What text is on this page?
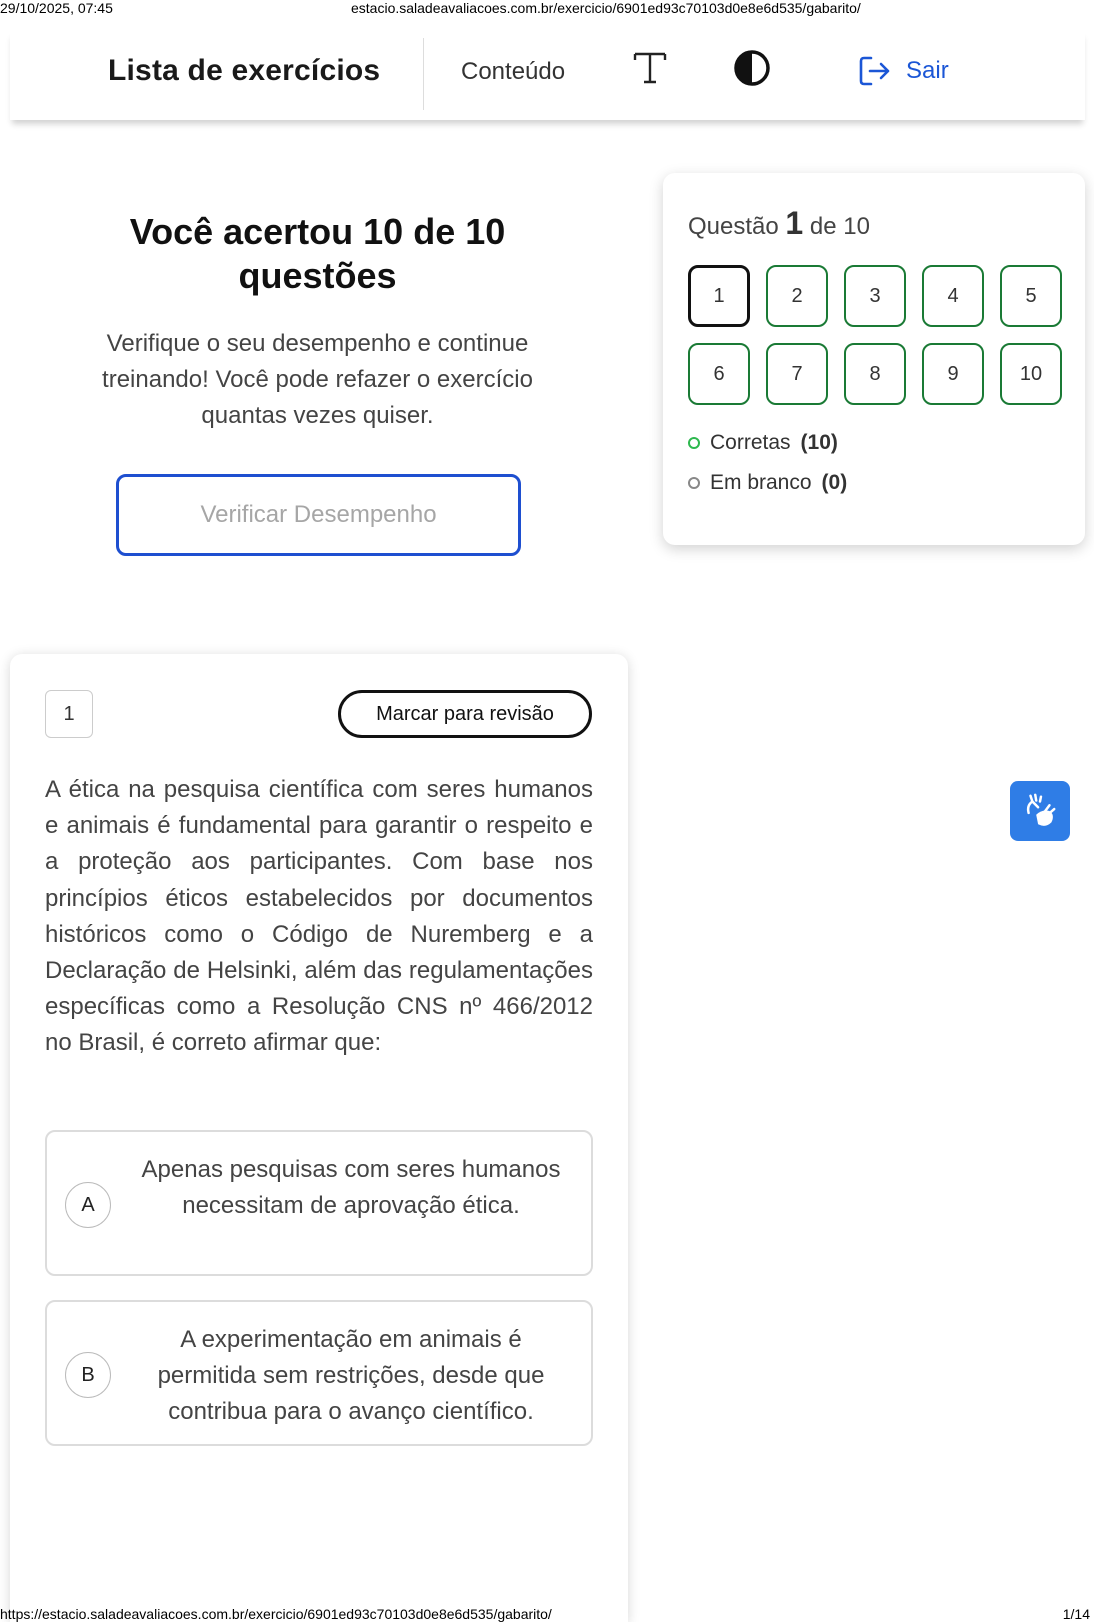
29/10/2025, 07:45	estacio.saladeavaliacoes.com.br/exercicio/6901ed93c70103d0e8e6d535/gabarito/
Lista de exercícios	Conteúdo	Sair
Você acertou 10 de 10 questões
Verifique o seu desempenho e continue treinando! Você pode refazer o exercício quantas vezes quiser.
Verificar Desempenho
Questão 1 de 10
1	2	3	4	5
6	7	8	9	10
Corretas (10)
Em branco (0)
1	Marcar para revisão
A ética na pesquisa científica com seres humanos e animais é fundamental para garantir o respeito e a proteção aos participantes. Com base nos princípios éticos estabelecidos por documentos históricos como o Código de Nuremberg e a Declaração de Helsinki, além das regulamentações específicas como a Resolução CNS nº 466/2012 no Brasil, é correto afirmar que:
A
Apenas pesquisas com seres humanos necessitam de aprovação ética.
B
A experimentação em animais é permitida sem restrições, desde que contribua para o avanço científico.
https://estacio.saladeavaliacoes.com.br/exercicio/6901ed93c70103d0e8e6d535/gabarito/	1/14
